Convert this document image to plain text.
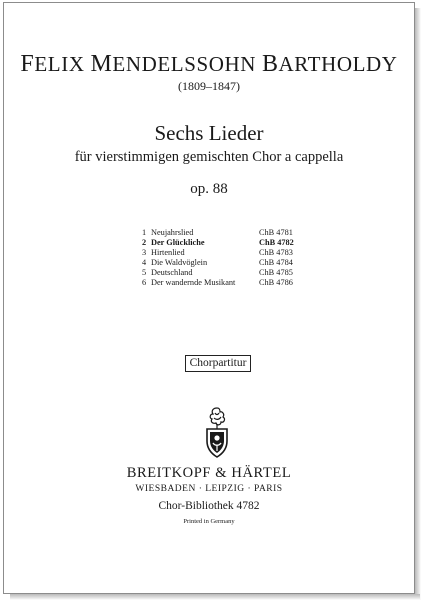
FELIX MENDELSSOHN BARTHOLDY
(1809–1847)
Sechs Lieder
für vierstimmigen gemischten Chor a cappella
op. 88
1 Neujahrslied	ChB 4781
2 Der Glückliche	ChB 4782
3 Hirtenlied	ChB 4783
4 Die Waldvöglein	ChB 4784
5 Deutschland	ChB 4785
6 Der wandernde Musikant	ChB 4786
Chorpartitur
BREITKOPF & HÄRTEL
WIESBADEN · LEIPZIG · PARIS
Chor-Bibliothek 4782
Printed in Germany
